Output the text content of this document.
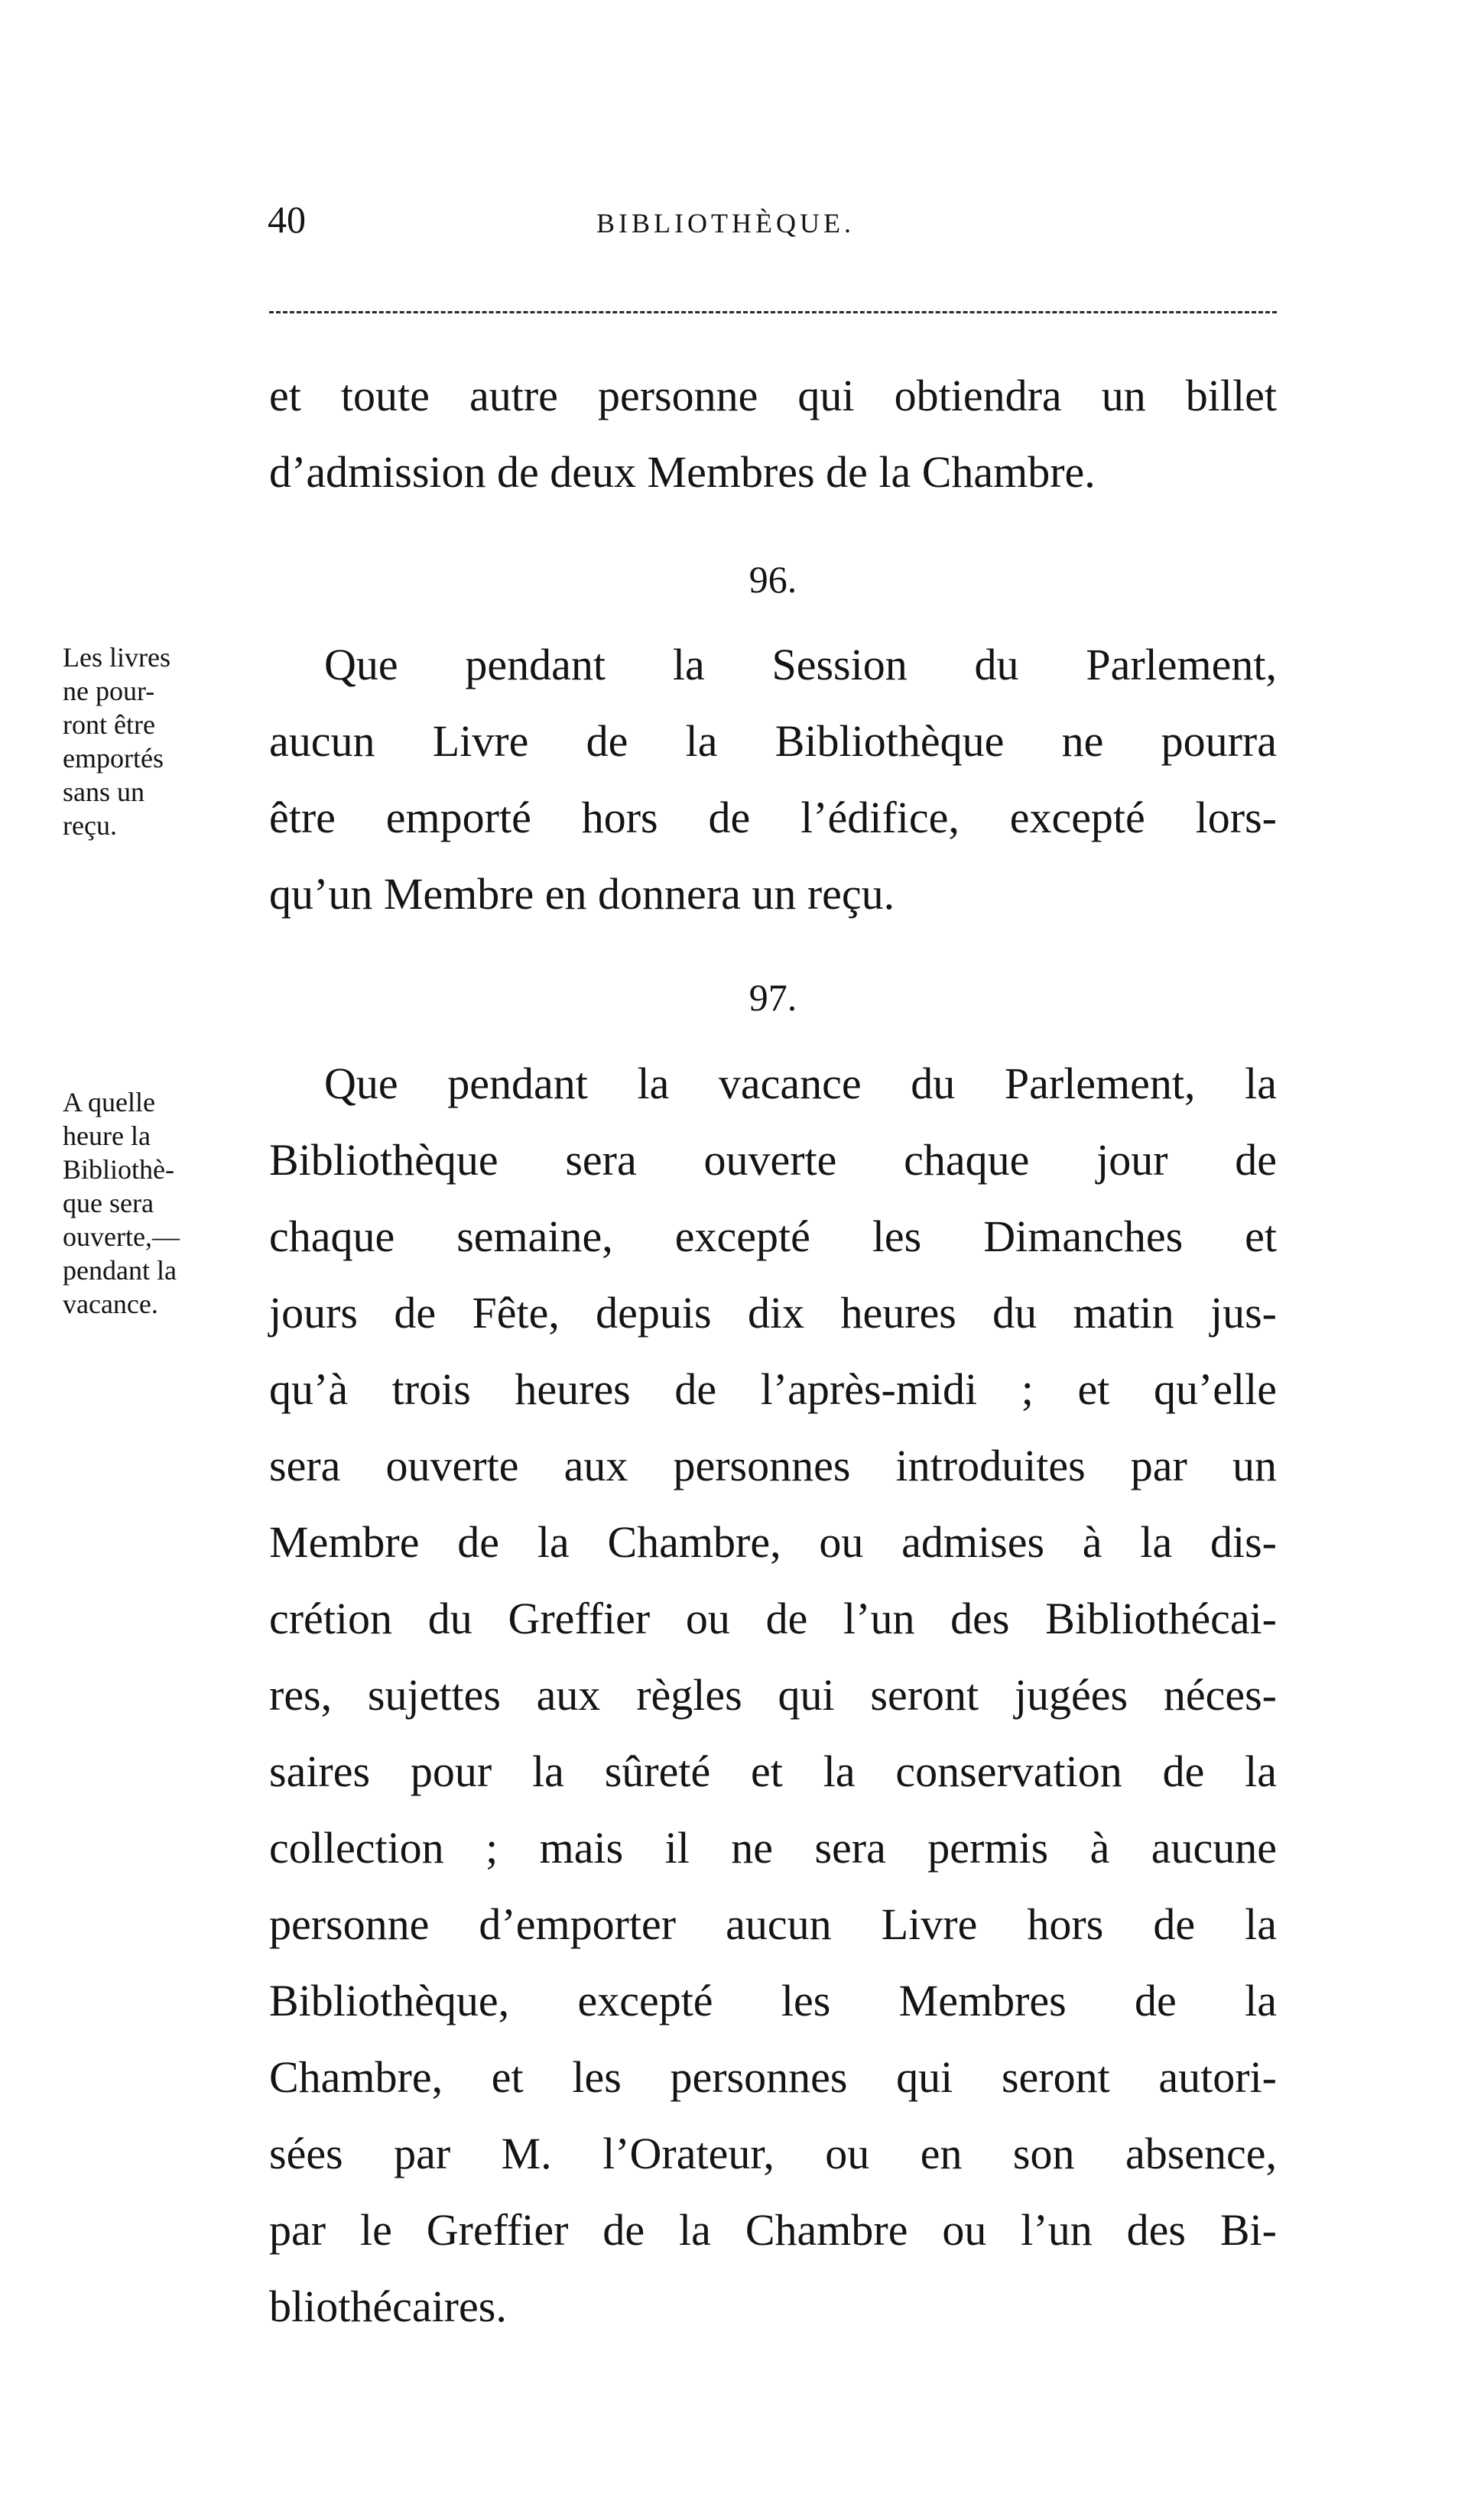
40	BIBLIOTHÈQUE.
et toute autre personne qui obtiendra un billet
d’admission de deux Membres de la Chambre.
96.
Les livres
ne pour-
ront être
emportés
sans un
reçu.
Que pendant la Session du Parlement,
aucun Livre de la Bibliothèque ne pourra
être emporté hors de l’édifice, excepté lors-
qu’un Membre en donnera un reçu.
97.
A quelle
heure la
Bibliothè-
que sera
ouverte,—
pendant la
vacance.
Que pendant la vacance du Parlement, la
Bibliothèque sera ouverte chaque jour de
chaque semaine, excepté les Dimanches et
jours de Fête, depuis dix heures du matin jus-
qu’à trois heures de l’après-midi ; et qu’elle
sera ouverte aux personnes introduites par un
Membre de la Chambre, ou admises à la dis-
crétion du Greffier ou de l’un des Bibliothécai-
res, sujettes aux règles qui seront jugées néces-
saires pour la sûreté et la conservation de la
collection ; mais il ne sera permis à aucune
personne d’emporter aucun Livre hors de la
Bibliothèque, excepté les Membres de la
Chambre, et les personnes qui seront autori-
sées par M. l’Orateur, ou en son absence,
par le Greffier de la Chambre ou l’un des Bi-
bliothécaires.
